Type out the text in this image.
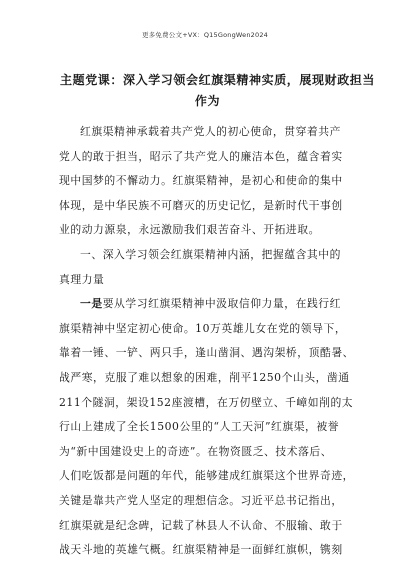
更多免费公文+VX：Q15GongWen2024
主题党课：深入学习领会红旗渠精神实质，展现财政担当
作为
红旗渠精神承载着共产党人的初心使命，贯穿着共产
党人的敢于担当，昭示了共产党人的廉洁本色，蕴含着实
现中国梦的不懈动力。红旗渠精神，是初心和使命的集中
体现，是中华民族不可磨灭的历史记忆，是新时代干事创
业的动力源泉，永远激励我们艰苦奋斗、开拓进取。
一、深入学习领会红旗渠精神内涵，把握蕴含其中的
真理力量
一是要从学习红旗渠精神中汲取信仰力量，在践行红
旗渠精神中坚定初心使命。10万英雄儿女在党的领导下，
靠着一锤、一铲、两只手，逢山凿洞、遇沟架桥，顶酷暑、
战严寒，克服了难以想象的困难，削平1250个山头，凿通
211个隧洞，架设152座渡槽，在万仞壁立、千嶂如削的太
行山上建成了全长1500公里的“人工天河”红旗渠，被誉
为“新中国建设史上的奇迹”。在物资匮乏、技术落后、
人们吃饭都是问题的年代，能够建成红旗渠这个世界奇迹，
关键是靠共产党人坚定的理想信念。习近平总书记指出，
红旗渠就是纪念碑，记载了林县人不认命、不服输、敢于
战天斗地的英雄气概。红旗渠精神是一面鲜红旗帜，镌刻
